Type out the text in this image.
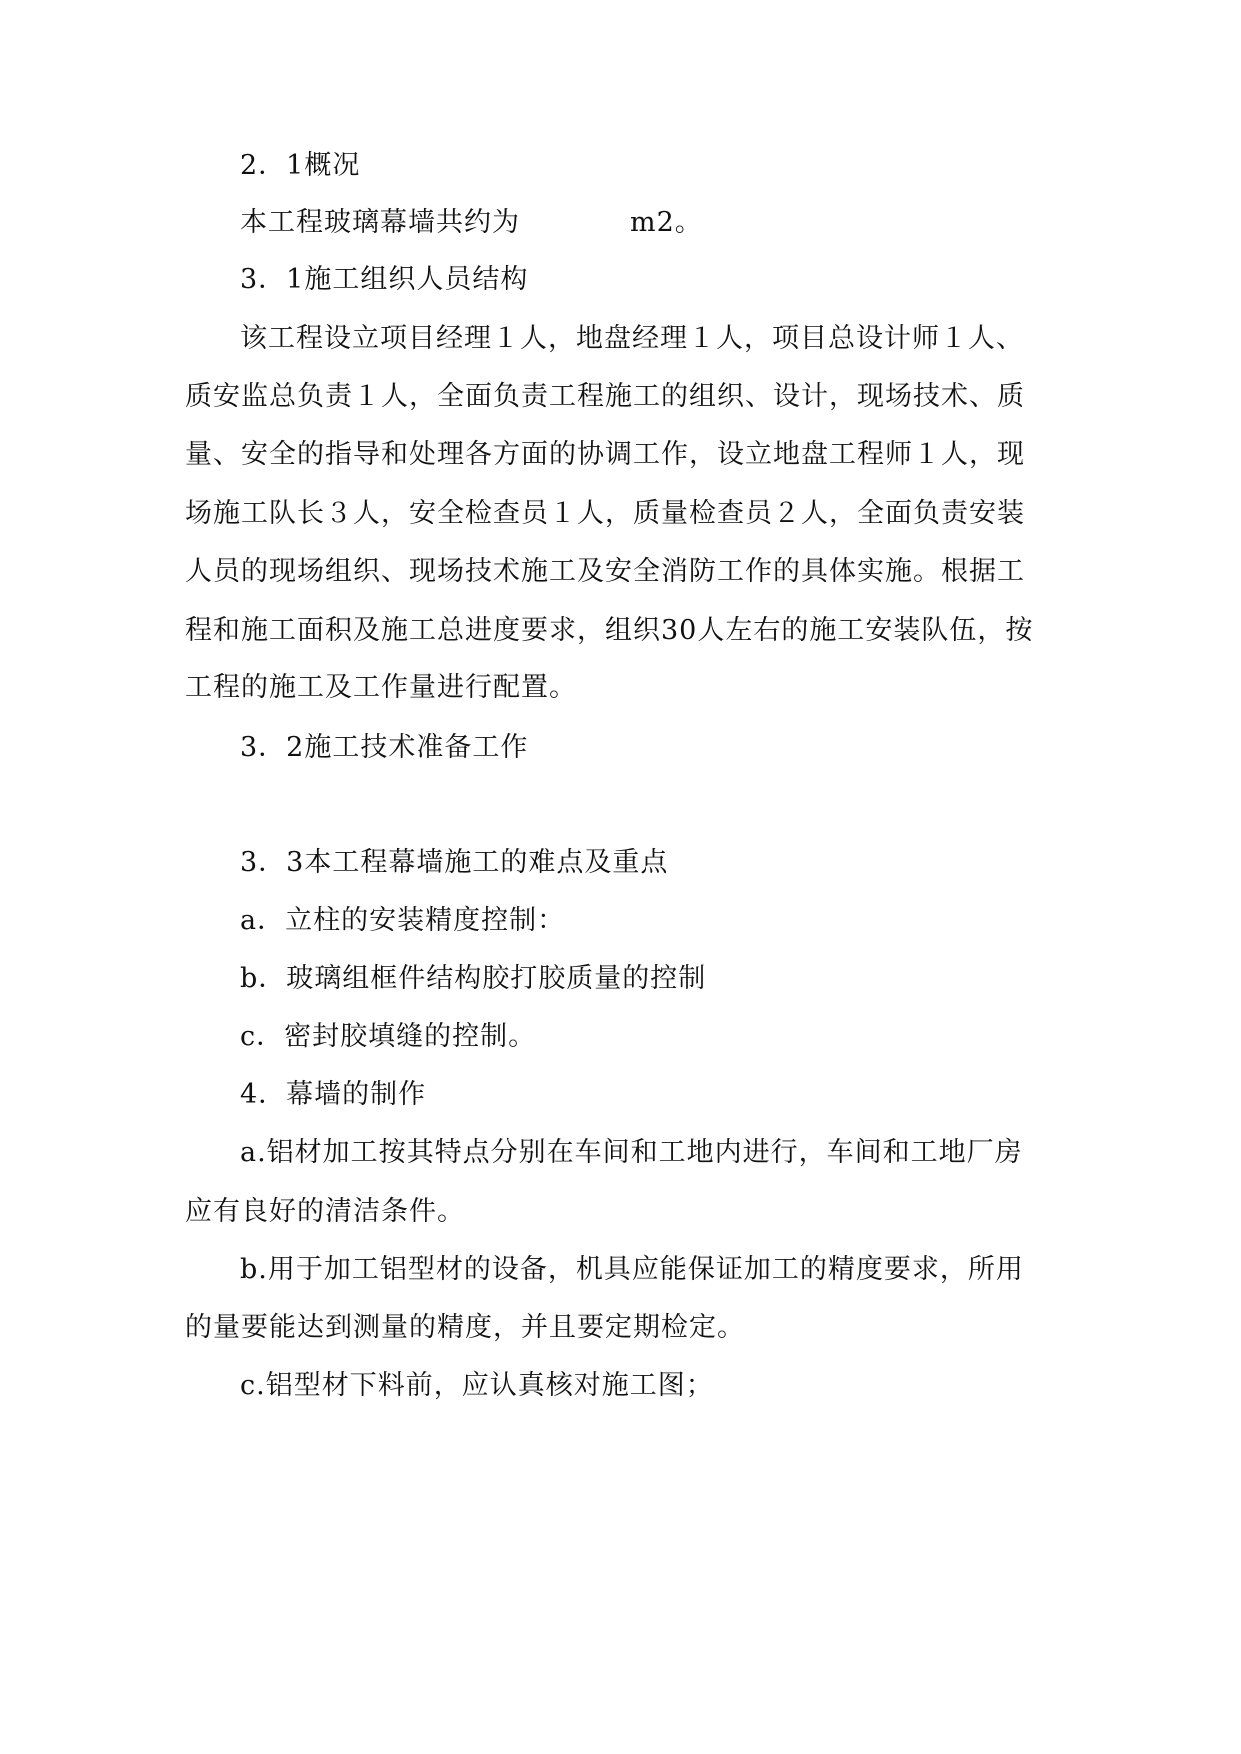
2．1概况
本工程玻璃幕墙共约为	m2。
3．1施工组织人员结构
该工程设立项目经理１人，地盘经理１人，项目总设计师１人、
质安监总负责１人，全面负责工程施工的组织、设计，现场技术、质
量、安全的指导和处理各方面的协调工作，设立地盘工程师１人，现
场施工队长３人，安全检查员１人，质量检查员２人，全面负责安装
人员的现场组织、现场技术施工及安全消防工作的具体实施。根据工
程和施工面积及施工总进度要求，组织30人左右的施工安装队伍，按
工程的施工及工作量进行配置。
3．2施工技术准备工作
3．3本工程幕墙施工的难点及重点
a．立柱的安装精度控制：
b．玻璃组框件结构胶打胶质量的控制
c．密封胶填缝的控制。
4．幕墙的制作
a.铝材加工按其特点分别在车间和工地内进行，车间和工地厂房
应有良好的清洁条件。
b.用于加工铝型材的设备，机具应能保证加工的精度要求，所用
的量要能达到测量的精度，并且要定期检定。
c.铝型材下料前，应认真核对施工图；
